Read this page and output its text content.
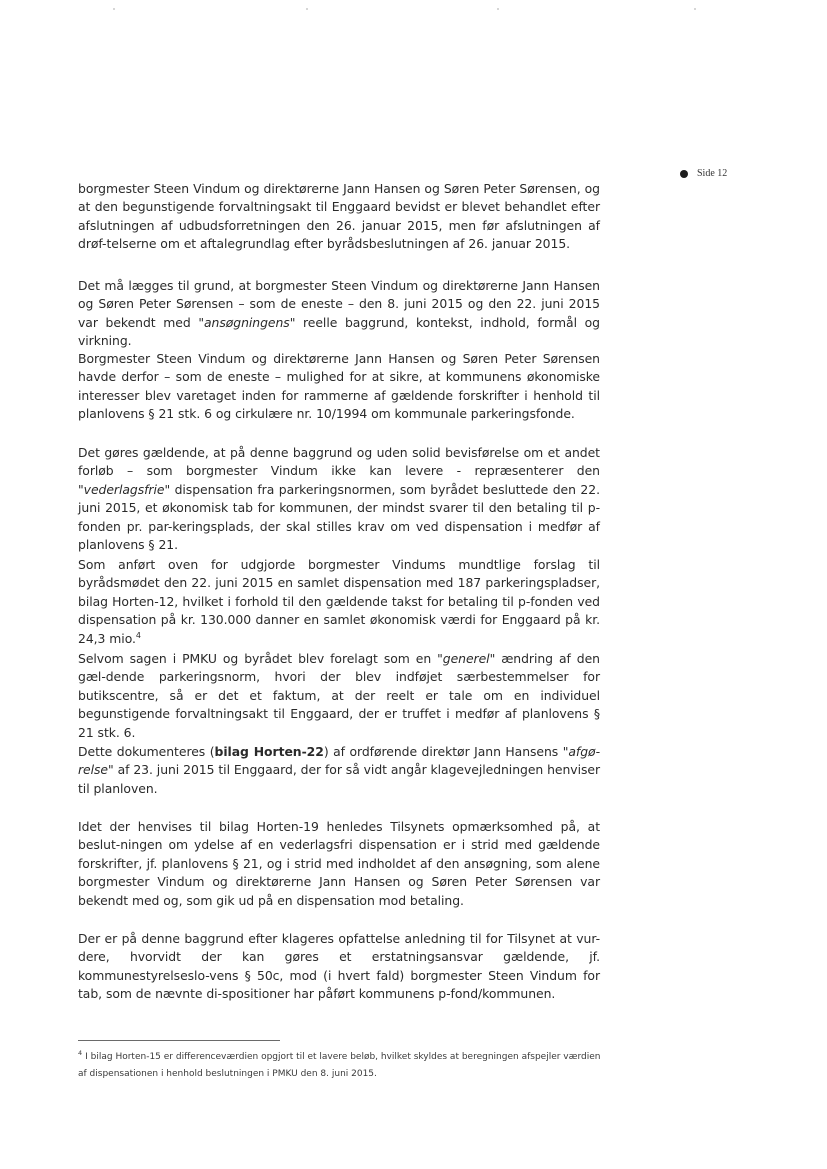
Side 12

borgmester Steen Vindum og direktørerne Jann Hansen og Søren Peter Sørensen, og at den begunstigende forvaltningsakt til Enggaard bevidst er blevet behandlet efter afslutningen af udbudsforretningen den 26. januar 2015, men før afslutningen af drøf-telserne om et aftalegrundlag efter byrådsbeslutningen af 26. januar 2015.

Det må lægges til grund, at borgmester Steen Vindum og direktørerne Jann Hansen og Søren Peter Sørensen – som de eneste – den 8. juni 2015 og den 22. juni 2015 var bekendt med "ansøgningens" reelle baggrund, kontekst, indhold, formål og virkning.

Borgmester Steen Vindum og direktørerne Jann Hansen og Søren Peter Sørensen havde derfor – som de eneste – mulighed for at sikre, at kommunens økonomiske interesser blev varetaget inden for rammerne af gældende forskrifter i henhold til planlovens § 21 stk. 6 og cirkulære nr. 10/1994 om kommunale parkeringsfonde.

Det gøres gældende, at på denne baggrund og uden solid bevisførelse om et andet forløb – som borgmester Vindum ikke kan levere - repræsenterer den "vederlagsfrie" dispensation fra parkeringsnormen, som byrådet besluttede den 22. juni 2015, et økonomisk tab for kommunen, der mindst svarer til den betaling til p-fonden pr. par-keringsplads, der skal stilles krav om ved dispensation i medfør af planlovens § 21.

Som anført oven for udgjorde borgmester Vindums mundtlige forslag til byrådsmødet den 22. juni 2015 en samlet dispensation med 187 parkeringspladser, bilag Horten-12, hvilket i forhold til den gældende takst for betaling til p-fonden ved dispensation på kr. 130.000 danner en samlet økonomisk værdi for Enggaard på kr. 24,3 mio.$^4$

Selvom sagen i PMKU og byrådet blev forelagt som en "generel" ændring af den gæl-dende parkeringsnorm, hvori der blev indføjet særbestemmelser for butikscentre, så er det et faktum, at der reelt er tale om en individuel begunstigende forvaltningsakt til Enggaard, der er truffet i medfør af planlovens § 21 stk. 6.

Dette dokumenteres (bilag Horten-22) af ordførende direktør Jann Hansens "afgø-relse" af 23. juni 2015 til Enggaard, der for så vidt angår klagevejledningen henviser til planloven.

Idet der henvises til bilag Horten-19 henledes Tilsynets opmærksomhed på, at beslut-ningen om ydelse af en vederlagsfri dispensation er i strid med gældende forskrifter, jf. planlovens § 21, og i strid med indholdet af den ansøgning, som alene borgmester Vindum og direktørerne Jann Hansen og Søren Peter Sørensen var bekendt med og, som gik ud på en dispensation mod betaling.

Der er på denne baggrund efter klageres opfattelse anledning til for Tilsynet at vur-dere, hvorvidt der kan gøres et erstatningsansvar gældende, jf. kommunestyrelseslo-vens § 50c, mod (i hvert fald) borgmester Steen Vindum for tab, som de nævnte di-spositioner har påført kommunens p-fond/kommunen.

$^4$ I bilag Horten-15 er differenceværdien opgjort til et lavere beløb, hvilket skyldes at beregningen afspejler værdien af dispensationen i henhold beslutningen i PMKU den 8. juni 2015.
